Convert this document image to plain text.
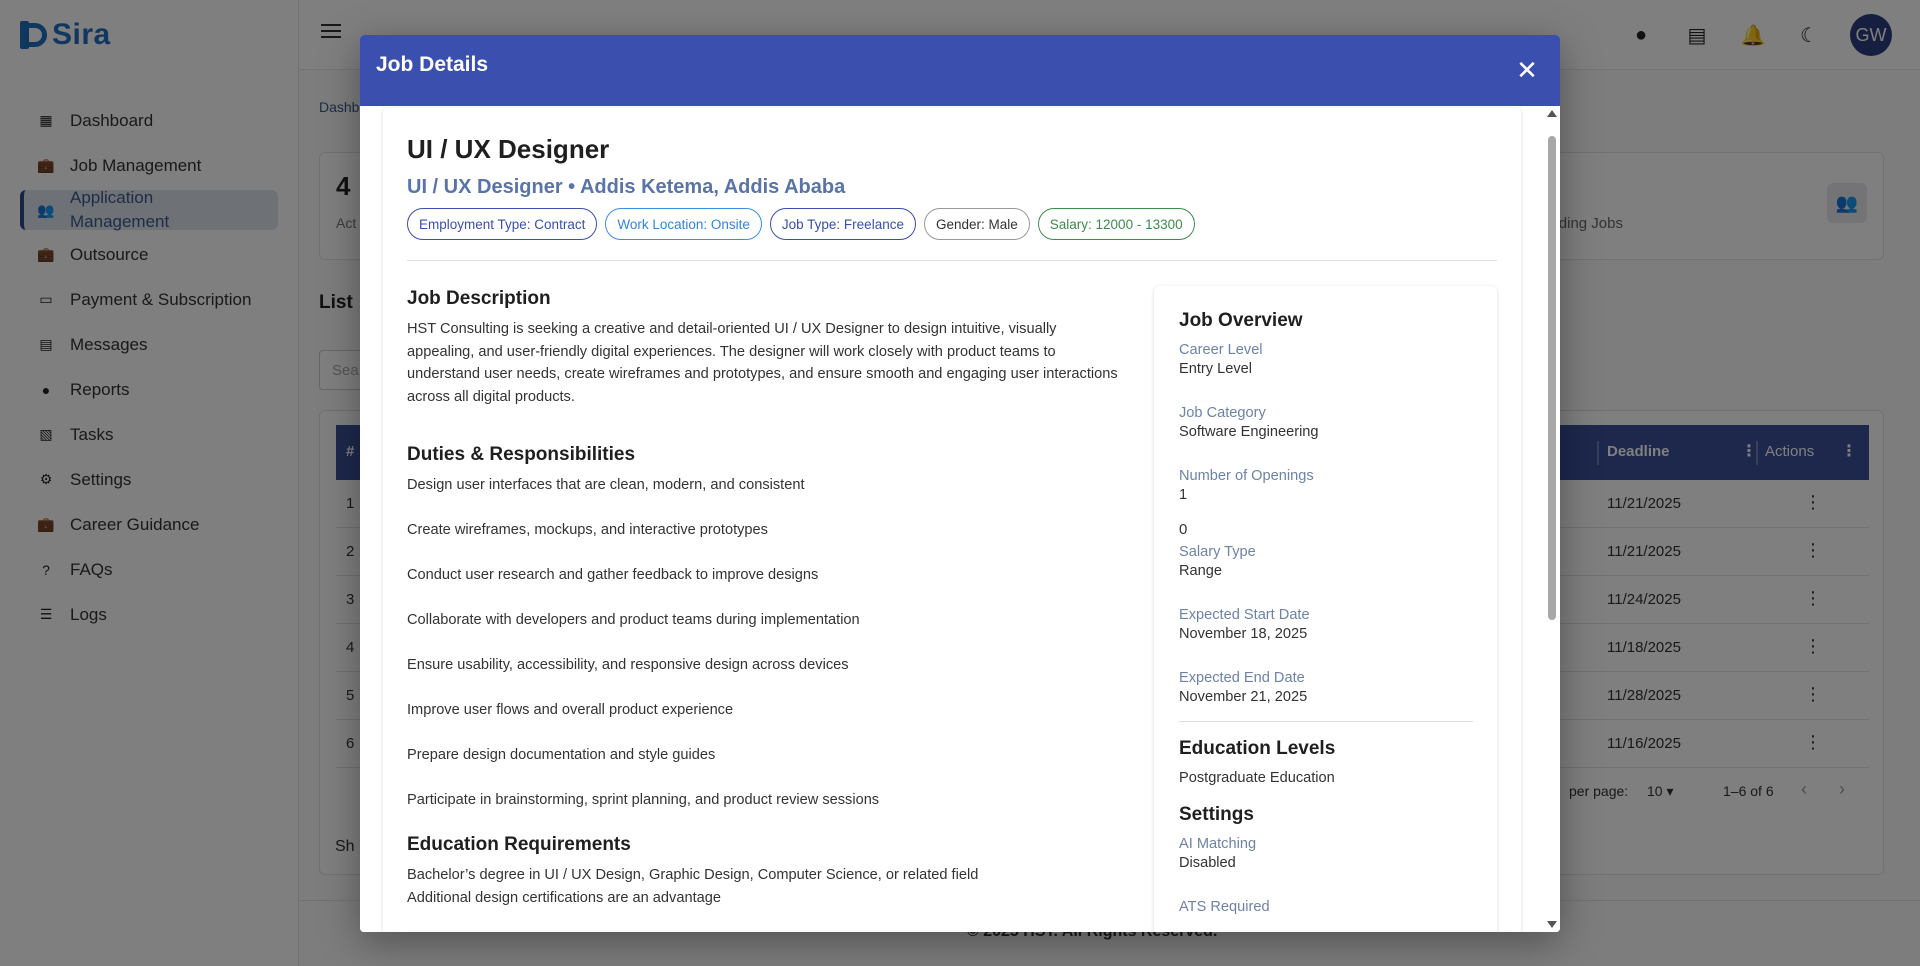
Job Details	✕
UI / UX Designer
UI / UX Designer • Addis Ketema, Addis Ababa
Employment Type: Contract	Work Location: Onsite	Job Type: Freelance	Gender: Male	Salary: 12000 - 13300
Job Description
HST Consulting is seeking a creative and detail-oriented UI / UX Designer to design intuitive, visually appealing, and user-friendly digital experiences. The designer will work closely with product teams to understand user needs, create wireframes and prototypes, and ensure smooth and engaging user interactions across all digital products.
Duties & Responsibilities
Design user interfaces that are clean, modern, and consistent
Create wireframes, mockups, and interactive prototypes
Conduct user research and gather feedback to improve designs
Collaborate with developers and product teams during implementation
Ensure usability, accessibility, and responsive design across devices
Improve user flows and overall product experience
Prepare design documentation and style guides
Participate in brainstorming, sprint planning, and product review sessions
Education Requirements
Bachelor’s degree in UI / UX Design, Graphic Design, Computer Science, or related field
Additional design certifications are an advantage
Job Overview
Career Level
Entry Level
Job Category
Software Engineering
Number of Openings
1
0
Salary Type
Range
Expected Start Date
November 18, 2025
Expected End Date
November 21, 2025
Education Levels
Postgraduate Education
Settings
AI Matching
Disabled
ATS Required
